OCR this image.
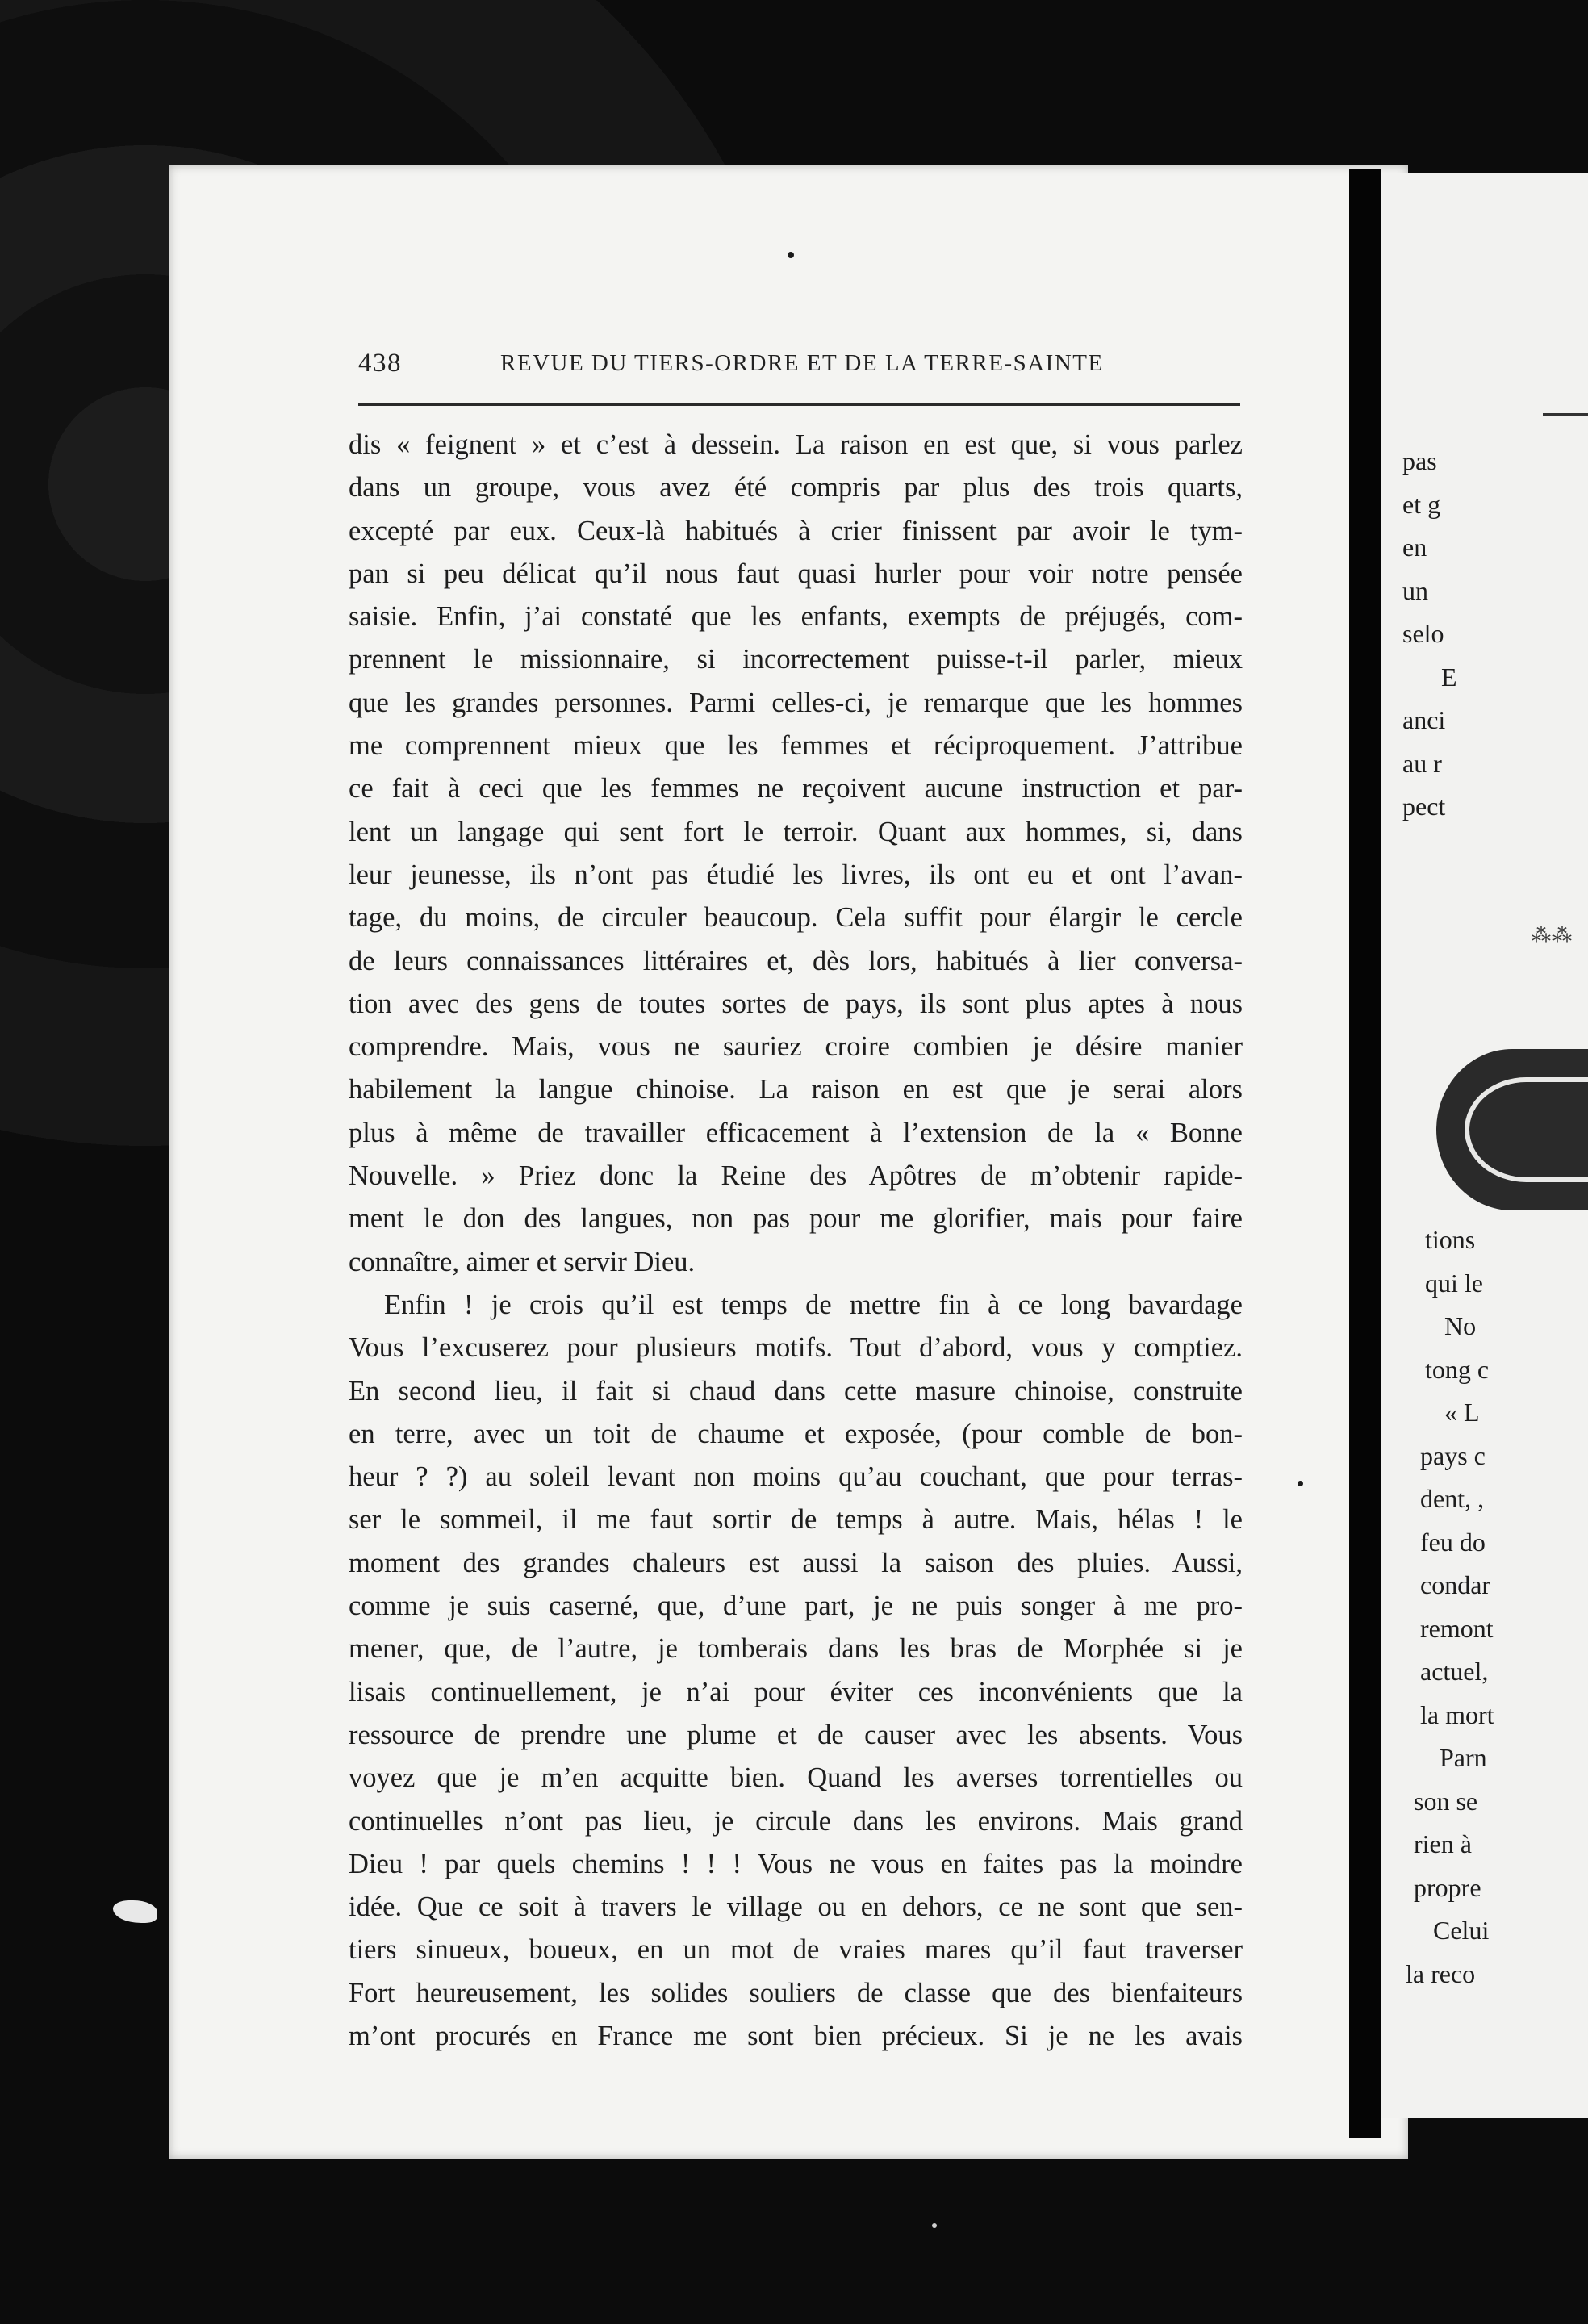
438	REVUE DU TIERS-ORDRE ET DE LA TERRE-SAINTE
dis « feignent » et c’est à dessein. La raison en est que, si vous parlez
dans un groupe, vous avez été compris par plus des trois quarts,
excepté par eux. Ceux-là habitués à crier finissent par avoir le tym-
pan si peu délicat qu’il nous faut quasi hurler pour voir notre pensée
saisie. Enfin, j’ai constaté que les enfants, exempts de préjugés, com-
prennent le missionnaire, si incorrectement puisse-t-il parler, mieux
que les grandes personnes. Parmi celles-ci, je remarque que les hommes
me comprennent mieux que les femmes et réciproquement. J’attribue
ce fait à ceci que les femmes ne reçoivent aucune instruction et par-
lent un langage qui sent fort le terroir. Quant aux hommes, si, dans
leur jeunesse, ils n’ont pas étudié les livres, ils ont eu et ont l’avan-
tage, du moins, de circuler beaucoup. Cela suffit pour élargir le cercle
de leurs connaissances littéraires et, dès lors, habitués à lier conversa-
tion avec des gens de toutes sortes de pays, ils sont plus aptes à nous
comprendre. Mais, vous ne sauriez croire combien je désire manier
habilement la langue chinoise. La raison en est que je serai alors
plus à même de travailler efficacement à l’extension de la « Bonne
Nouvelle. » Priez donc la Reine des Apôtres de m’obtenir rapide-
ment le don des langues, non pas pour me glorifier, mais pour faire
connaître, aimer et servir Dieu.
Enfin ! je crois qu’il est temps de mettre fin à ce long bavardage
Vous l’excuserez pour plusieurs motifs. Tout d’abord, vous y comptiez.
En second lieu, il fait si chaud dans cette masure chinoise, construite
en terre, avec un toit de chaume et exposée, (pour comble de bon-
heur ? ?) au soleil levant non moins qu’au couchant, que pour terras-
ser le sommeil, il me faut sortir de temps à autre. Mais, hélas ! le
moment des grandes chaleurs est aussi la saison des pluies. Aussi,
comme je suis caserné, que, d’une part, je ne puis songer à me pro-
mener, que, de l’autre, je tomberais dans les bras de Morphée si je
lisais continuellement, je n’ai pour éviter ces inconvénients que la
ressource de prendre une plume et de causer avec les absents. Vous
voyez que je m’en acquitte bien. Quand les averses torrentielles ou
continuelles n’ont pas lieu, je circule dans les environs. Mais grand
Dieu ! par quels chemins ! ! ! Vous ne vous en faites pas la moindre
idée. Que ce soit à travers le village ou en dehors, ce ne sont que sen-
tiers sinueux, boueux, en un mot de vraies mares qu’il faut traverser
Fort heureusement, les solides souliers de classe que des bienfaiteurs
m’ont procurés en France me sont bien précieux. Si je ne les avais
pas
et g
en
un
selo
E
anci
au r
pect
⁂⁂
tions
qui le
No
tong c
« L
pays c
dent, ,
feu do
condar
remont
actuel,
la mort
Parn
son se
rien à
propre
Celui
la reco
